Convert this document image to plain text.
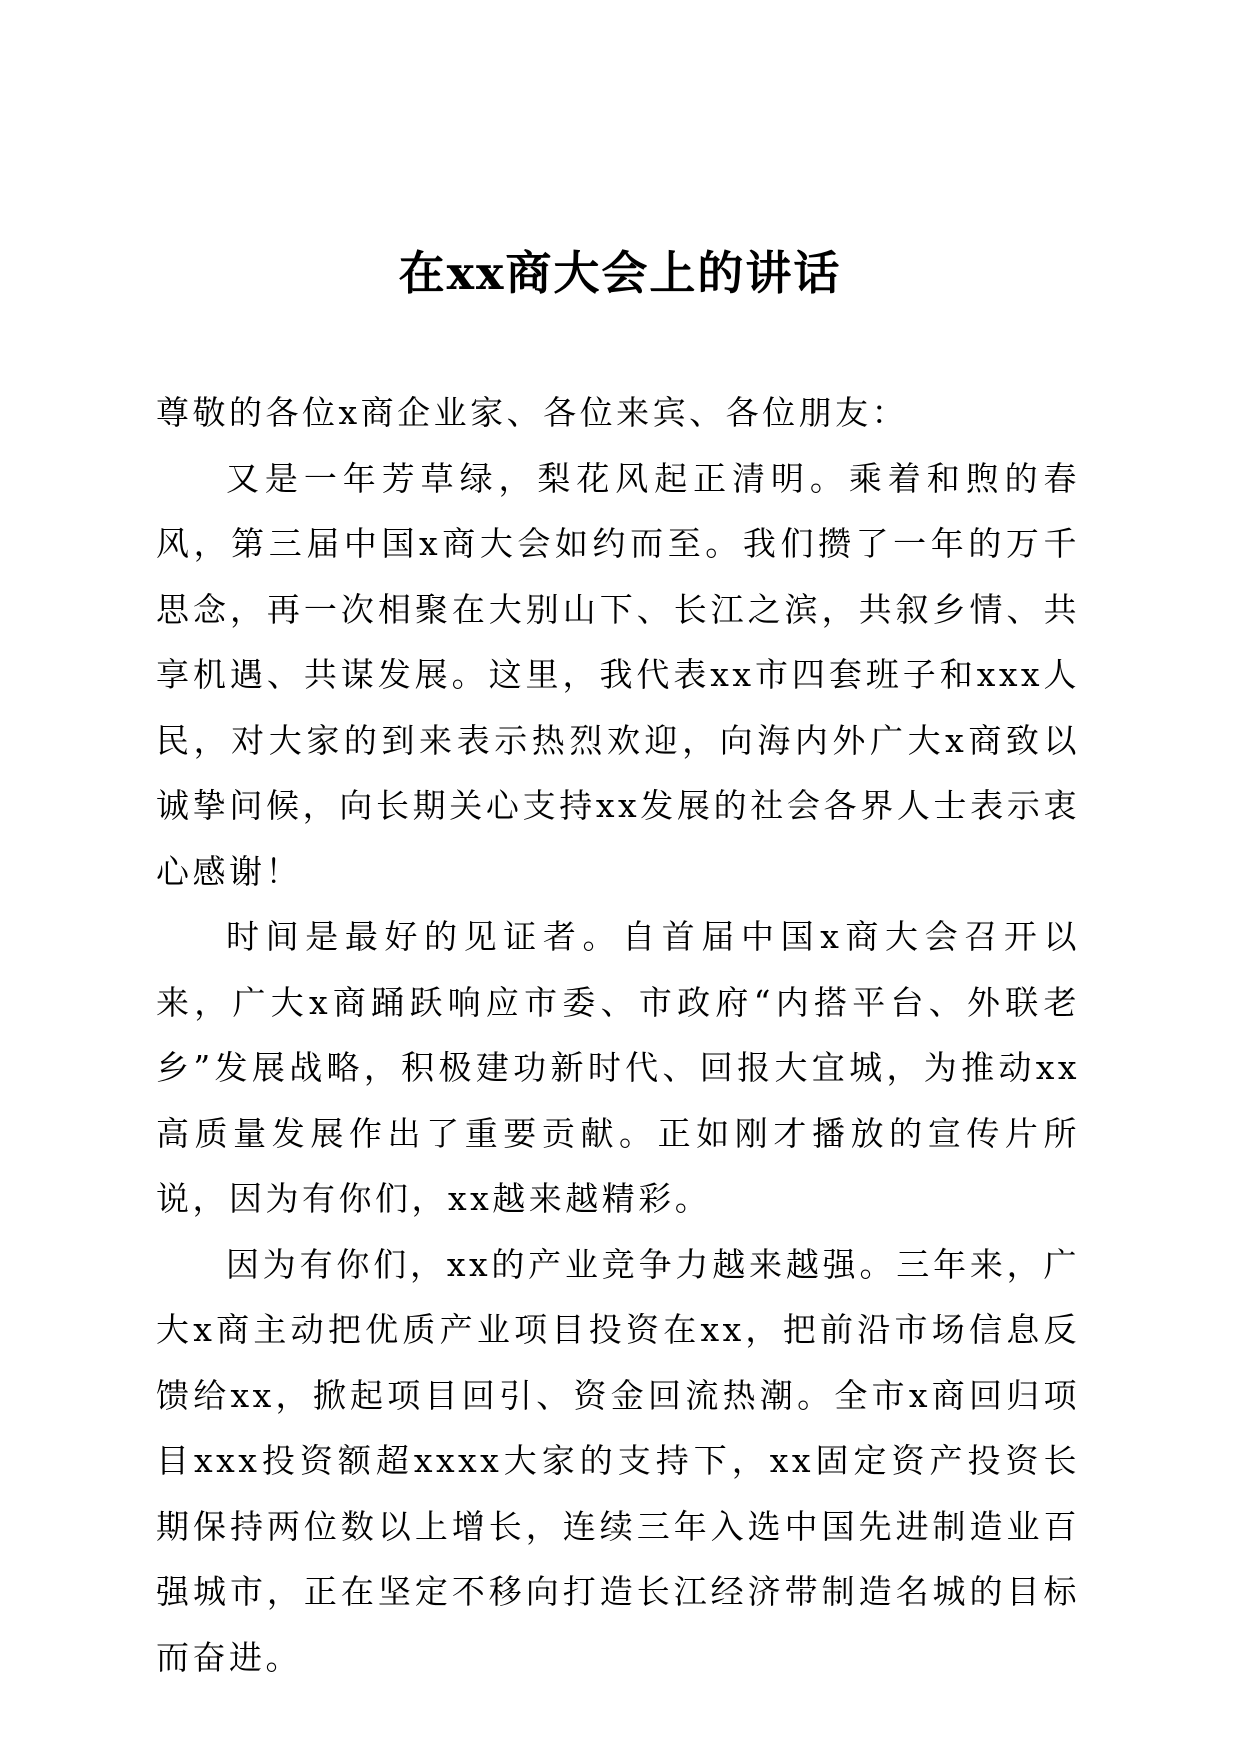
在xx商大会上的讲话

尊敬的各位x商企业家、各位来宾、各位朋友：

又是一年芳草绿，梨花风起正清明。乘着和煦的春风，第三届中国x商大会如约而至。我们攒了一年的万千思念，再一次相聚在大别山下、长江之滨，共叙乡情、共享机遇、共谋发展。这里，我代表xx市四套班子和xxx人民，对大家的到来表示热烈欢迎，向海内外广大x商致以诚挚问候，向长期关心支持xx发展的社会各界人士表示衷心感谢！

时间是最好的见证者。自首届中国x商大会召开以来，广大x商踊跃响应市委、市政府“内搭平台、外联老乡”发展战略，积极建功新时代、回报大宜城，为推动xx高质量发展作出了重要贡献。正如刚才播放的宣传片所说，因为有你们，xx越来越精彩。

因为有你们，xx的产业竞争力越来越强。三年来，广大x商主动把优质产业项目投资在xx，把前沿市场信息反馈给xx，掀起项目回引、资金回流热潮。全市x商回归项目xxx投资额超xxxx大家的支持下，xx固定资产投资长期保持两位数以上增长，连续三年入选中国先进制造业百强城市，正在坚定不移向打造长江经济带制造名城的目标而奋进。
